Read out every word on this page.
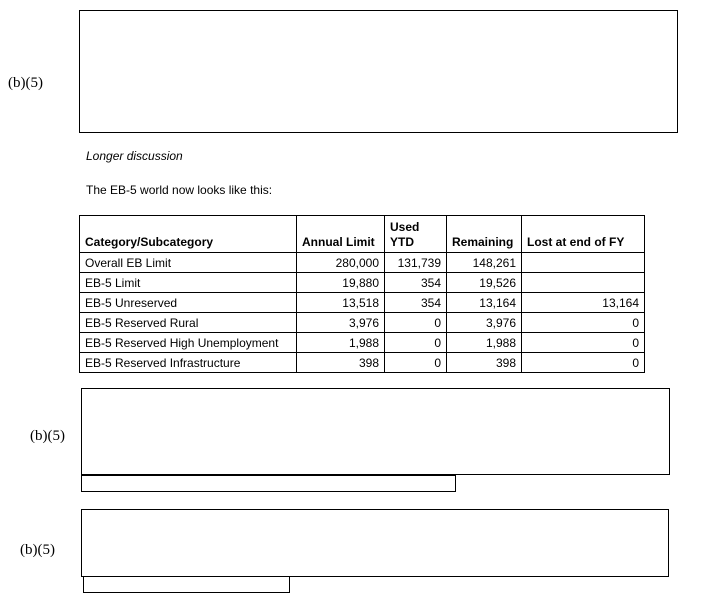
(b)(5)
Longer discussion
The EB-5 world now looks like this:
Category/Subcategory	Annual Limit	Used YTD	Remaining	Lost at end of FY
Overall EB Limit	280,000	131,739	148,261	
EB-5 Limit	19,880	354	19,526	
EB-5 Unreserved	13,518	354	13,164	13,164
EB-5 Reserved Rural	3,976	0	3,976	0
EB-5 Reserved High Unemployment	1,988	0	1,988	0
EB-5 Reserved Infrastructure	398	0	398	0
(b)(5)
(b)(5)
